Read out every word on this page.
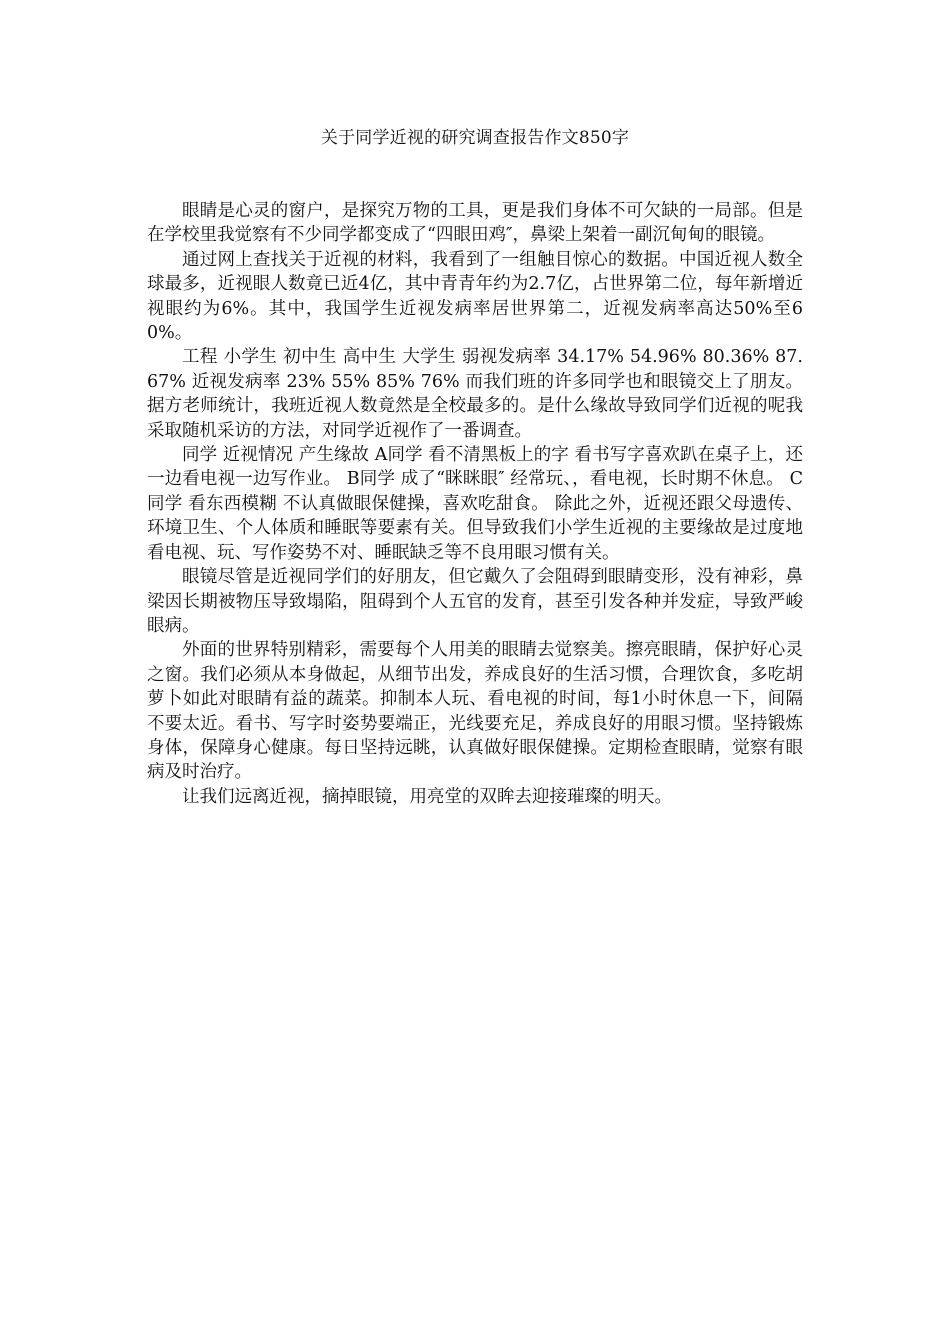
关于同学近视的研究调查报告作文850字

眼睛是心灵的窗户，是探究万物的工具，更是我们身体不可欠缺的一局部。但是在学校里我觉察有不少同学都变成了“四眼田鸡″，鼻梁上架着一副沉甸甸的眼镜。

通过网上查找关于近视的材料，我看到了一组触目惊心的数据。中国近视人数全球最多，近视眼人数竟已近4亿，其中青青年约为2.7亿，占世界第二位，每年新增近视眼约为6%。其中，我国学生近视发病率居世界第二，近视发病率高达50%至60%。

工程 小学生 初中生 高中生 大学生 弱视发病率 34.17% 54.96% 80.36% 87.67% 近视发病率 23% 55% 85% 76% 而我们班的许多同学也和眼镜交上了朋友。据方老师统计，我班近视人数竟然是全校最多的。是什么缘故导致同学们近视的呢我采取随机采访的方法，对同学近视作了一番调查。

同学 近视情况 产生缘故 A同学 看不清黑板上的字 看书写字喜欢趴在桌子上，还一边看电视一边写作业。 B同学 成了“眯眯眼″ 经常玩、，看电视，长时期不休息。 C同学 看东西模糊 不认真做眼保健操，喜欢吃甜食。 除此之外，近视还跟父母遗传、环境卫生、个人体质和睡眠等要素有关。但导致我们小学生近视的主要缘故是过度地看电视、玩、写作姿势不对、睡眠缺乏等不良用眼习惯有关。

眼镜尽管是近视同学们的好朋友，但它戴久了会阻碍到眼睛变形，没有神彩，鼻梁因长期被物压导致塌陷，阻碍到个人五官的发育，甚至引发各种并发症，导致严峻眼病。

外面的世界特别精彩，需要每个人用美的眼睛去觉察美。擦亮眼睛，保护好心灵之窗。我们必须从本身做起，从细节出发，养成良好的生活习惯，合理饮食，多吃胡萝卜如此对眼睛有益的蔬菜。抑制本人玩、看电视的时间，每1小时休息一下，间隔不要太近。看书、写字时姿势要端正，光线要充足，养成良好的用眼习惯。坚持锻炼身体，保障身心健康。每日坚持远眺，认真做好眼保健操。定期检查眼睛，觉察有眼病及时治疗。

让我们远离近视，摘掉眼镜，用亮堂的双眸去迎接璀璨的明天。
